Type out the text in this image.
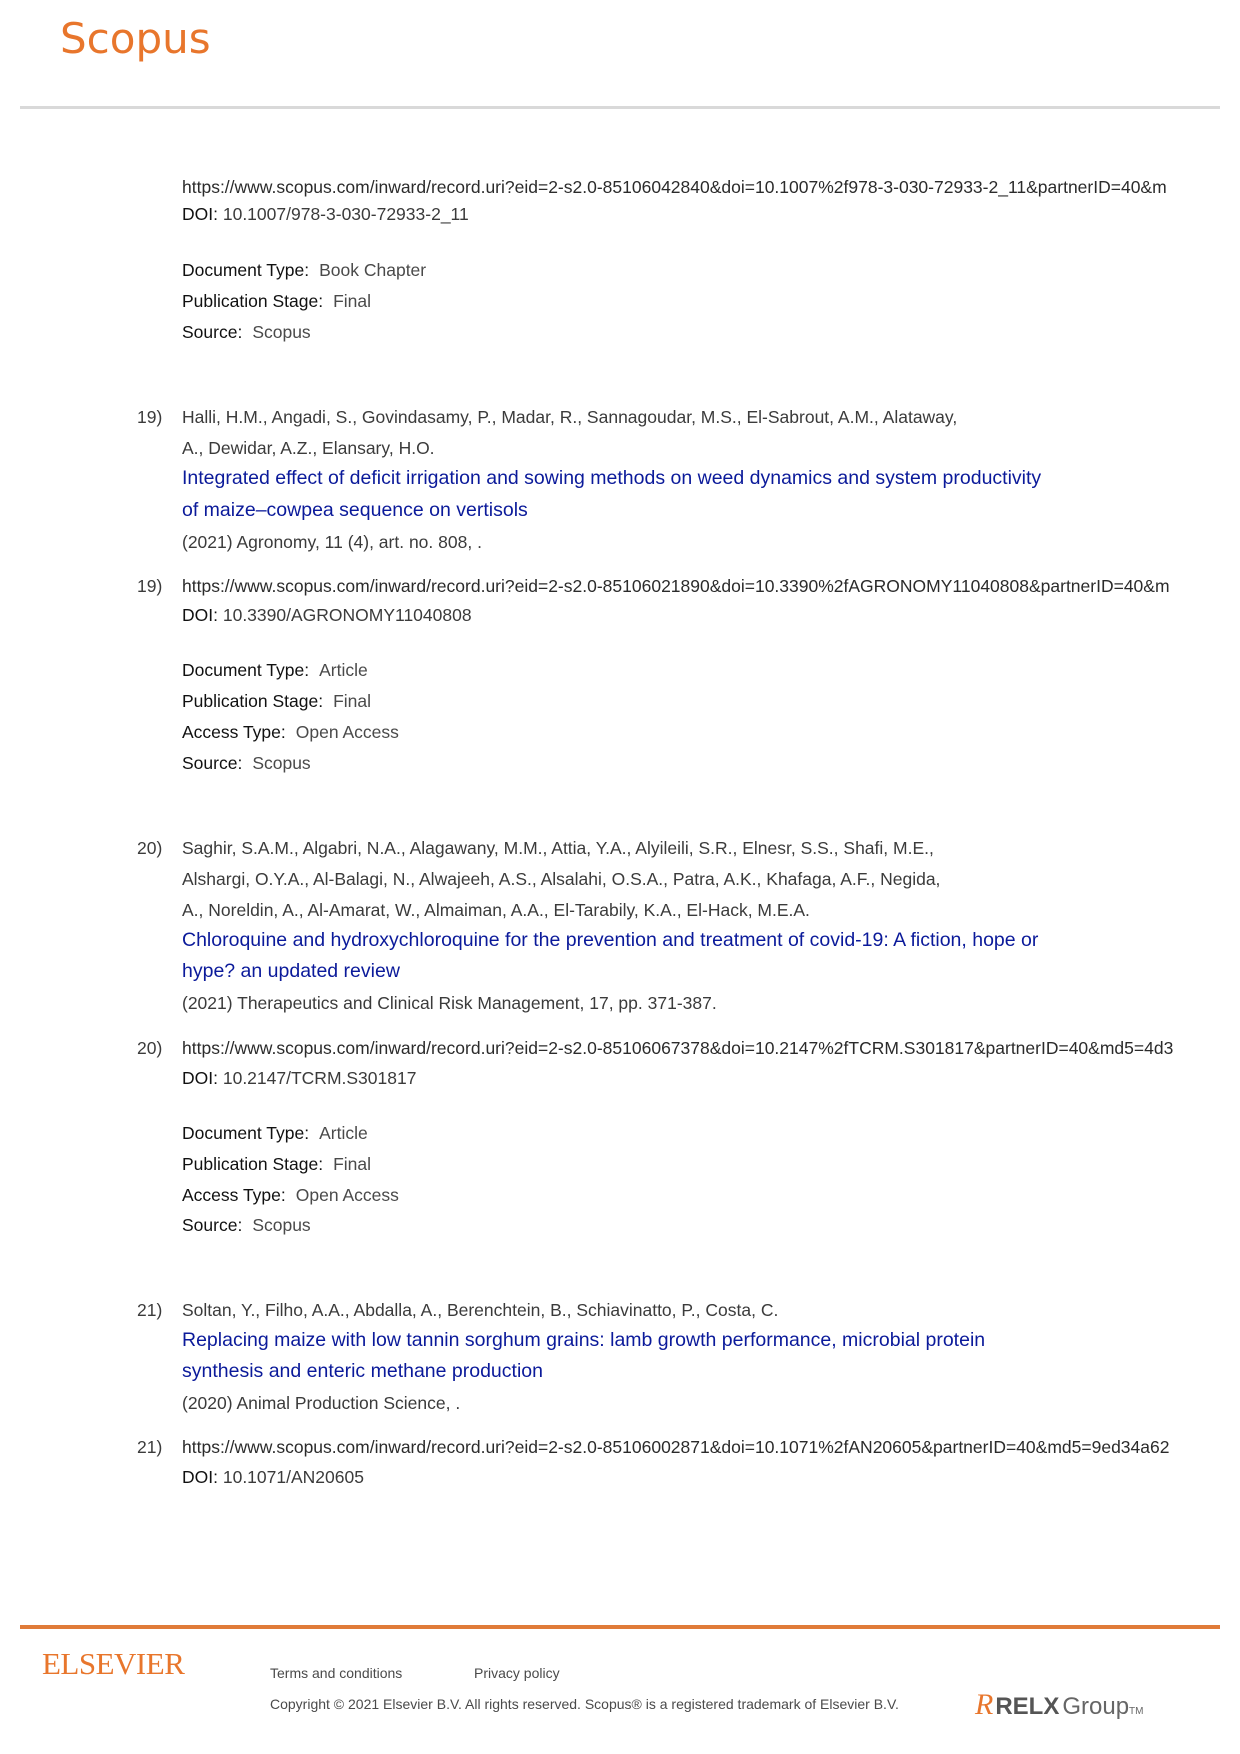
Scopus
https://www.scopus.com/inward/record.uri?eid=2-s2.0-85106042840&doi=10.1007%2f978-3-030-72933-2_11&partnerID=40&m
DOI: 10.1007/978-3-030-72933-2_11
Document Type: Book Chapter
Publication Stage: Final
Source: Scopus
19) Halli, H.M., Angadi, S., Govindasamy, P., Madar, R., Sannagoudar, M.S., El-Sabrout, A.M., Alataway,
A., Dewidar, A.Z., Elansary, H.O.
Integrated effect of deficit irrigation and sowing methods on weed dynamics and system productivity
of maize–cowpea sequence on vertisols
(2021) Agronomy, 11 (4), art. no. 808, .
19) https://www.scopus.com/inward/record.uri?eid=2-s2.0-85106021890&doi=10.3390%2fAGRONOMY11040808&partnerID=40&m
DOI: 10.3390/AGRONOMY11040808
Document Type: Article
Publication Stage: Final
Access Type: Open Access
Source: Scopus
20) Saghir, S.A.M., Algabri, N.A., Alagawany, M.M., Attia, Y.A., Alyileili, S.R., Elnesr, S.S., Shafi, M.E.,
Alshargi, O.Y.A., Al-Balagi, N., Alwajeeh, A.S., Alsalahi, O.S.A., Patra, A.K., Khafaga, A.F., Negida,
A., Noreldin, A., Al-Amarat, W., Almaiman, A.A., El-Tarabily, K.A., El-Hack, M.E.A.
Chloroquine and hydroxychloroquine for the prevention and treatment of covid-19: A fiction, hope or
hype? an updated review
(2021) Therapeutics and Clinical Risk Management, 17, pp. 371-387.
20) https://www.scopus.com/inward/record.uri?eid=2-s2.0-85106067378&doi=10.2147%2fTCRM.S301817&partnerID=40&md5=4d3
DOI: 10.2147/TCRM.S301817
Document Type: Article
Publication Stage: Final
Access Type: Open Access
Source: Scopus
21) Soltan, Y., Filho, A.A., Abdalla, A., Berenchtein, B., Schiavinatto, P., Costa, C.
Replacing maize with low tannin sorghum grains: lamb growth performance, microbial protein
synthesis and enteric methane production
(2020) Animal Production Science, .
21) https://www.scopus.com/inward/record.uri?eid=2-s2.0-85106002871&doi=10.1071%2fAN20605&partnerID=40&md5=9ed34a62
DOI: 10.1071/AN20605
ELSEVIER	Terms and conditions	Privacy policy
Copyright © 2021 Elsevier B.V. All rights reserved. Scopus® is a registered trademark of Elsevier B.V.	R RELX Group TM
